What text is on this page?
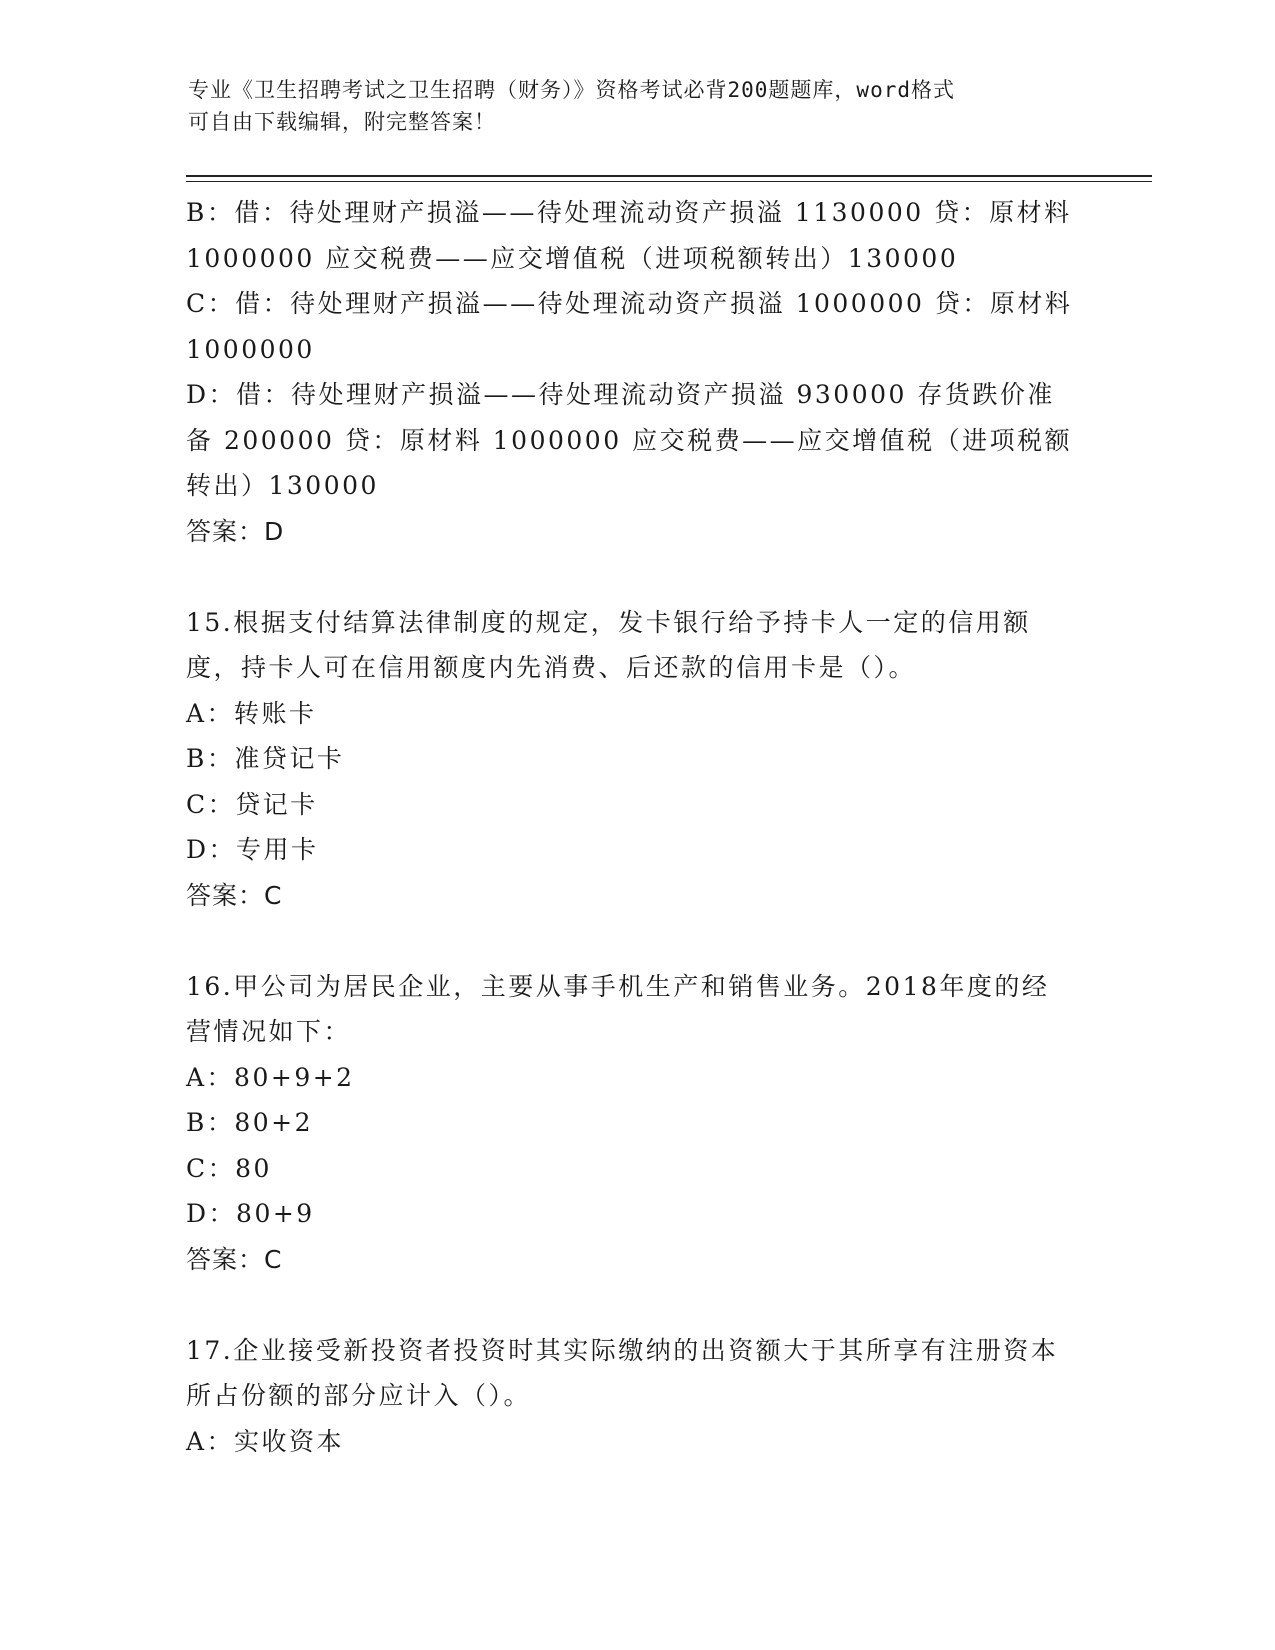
专业《卫生招聘考试之卫生招聘（财务）》资格考试必背200题题库，word格式
可自由下载编辑，附完整答案！
B：借：待处理财产损溢——待处理流动资产损溢 1130000 贷：原材料 1000000 应交税费——应交增值税（进项税额转出）130000
C：借：待处理财产损溢——待处理流动资产损溢 1000000 贷：原材料 1000000
D：借：待处理财产损溢——待处理流动资产损溢 930000 存货跌价准备 200000 贷：原材料 1000000 应交税费——应交增值税（进项税额转出）130000
答案：D
15.根据支付结算法律制度的规定，发卡银行给予持卡人一定的信用额度，持卡人可在信用额度内先消费、后还款的信用卡是（）。
A：转账卡
B：准贷记卡
C：贷记卡
D：专用卡
答案：C
16.甲公司为居民企业，主要从事手机生产和销售业务。2018年度的经营情况如下：
A：80+9+2
B：80+2
C：80
D：80+9
答案：C
17.企业接受新投资者投资时其实际缴纳的出资额大于其所享有注册资本所占份额的部分应计入（）。
A：实收资本
